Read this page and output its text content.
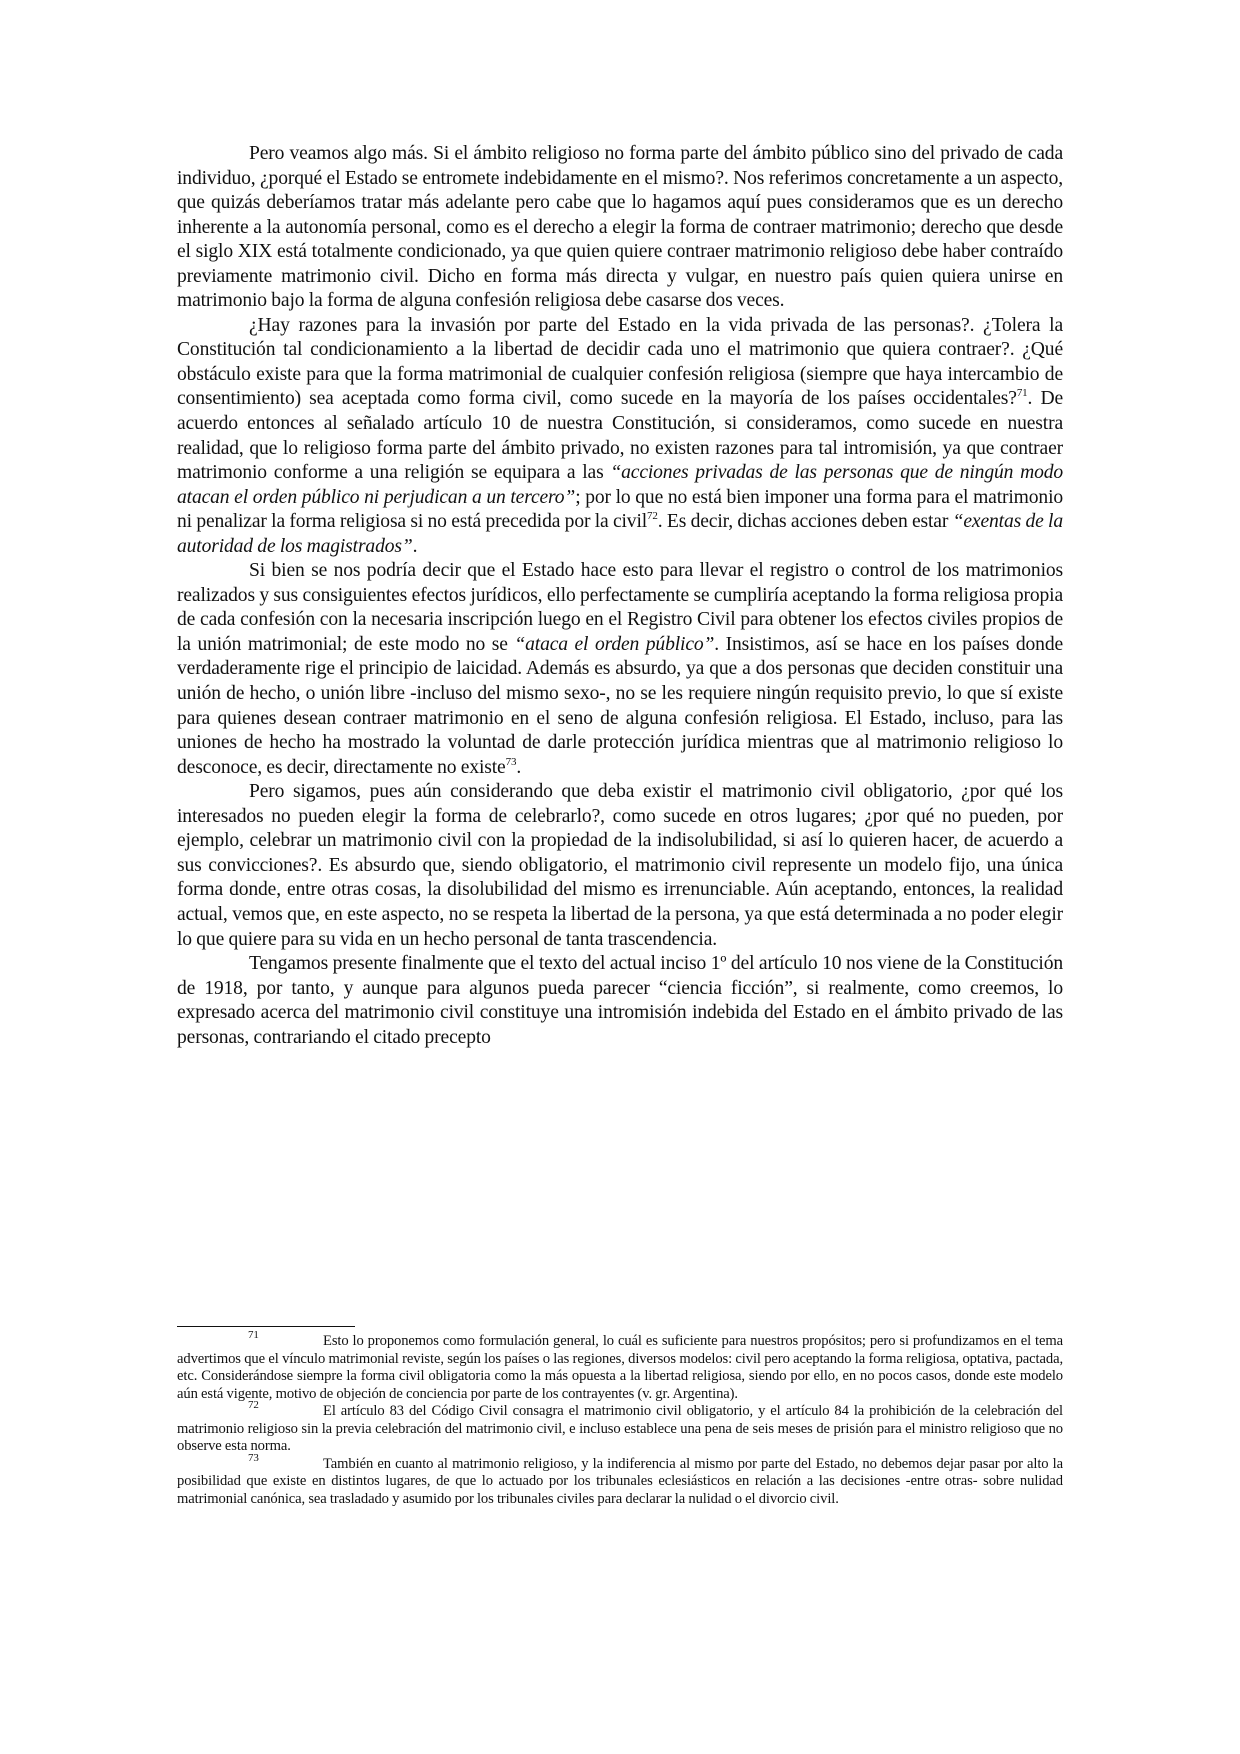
Pero veamos algo más. Si el ámbito religioso no forma parte del ámbito público sino del privado de cada individuo, ¿porqué el Estado se entromete indebidamente en el mismo?. Nos referimos concretamente a un aspecto, que quizás deberíamos tratar más adelante pero cabe que lo hagamos aquí pues consideramos que es un derecho inherente a la autonomía personal, como es el derecho a elegir la forma de contraer matrimonio; derecho que desde el siglo XIX está totalmente condicionado, ya que quien quiere contraer matrimonio religioso debe haber contraído previamente matrimonio civil. Dicho en forma más directa y vulgar, en nuestro país quien quiera unirse en matrimonio bajo la forma de alguna confesión religiosa debe casarse dos veces.

¿Hay razones para la invasión por parte del Estado en la vida privada de las personas?. ¿Tolera la Constitución tal condicionamiento a la libertad de decidir cada uno el matrimonio que quiera contraer?. ¿Qué obstáculo existe para que la forma matrimonial de cualquier confesión religiosa (siempre que haya intercambio de consentimiento) sea aceptada como forma civil, como sucede en la mayoría de los países occidentales?$^{71}$. De acuerdo entonces al señalado artículo 10 de nuestra Constitución, si consideramos, como sucede en nuestra realidad, que lo religioso forma parte del ámbito privado, no existen razones para tal intromisión, ya que contraer matrimonio conforme a una religión se equipara a las “acciones privadas de las personas que de ningún modo atacan el orden público ni perjudican a un tercero”; por lo que no está bien imponer una forma para el matrimonio ni penalizar la forma religiosa si no está precedida por la civil$^{72}$. Es decir, dichas acciones deben estar “exentas de la autoridad de los magistrados”.

Si bien se nos podría decir que el Estado hace esto para llevar el registro o control de los matrimonios realizados y sus consiguientes efectos jurídicos, ello perfectamente se cumpliría aceptando la forma religiosa propia de cada confesión con la necesaria inscripción luego en el Registro Civil para obtener los efectos civiles propios de la unión matrimonial; de este modo no se “ataca el orden público”. Insistimos, así se hace en los países donde verdaderamente rige el principio de laicidad. Además es absurdo, ya que a dos personas que deciden constituir una unión de hecho, o unión libre -incluso del mismo sexo-, no se les requiere ningún requisito previo, lo que sí existe para quienes desean contraer matrimonio en el seno de alguna confesión religiosa. El Estado, incluso, para las uniones de hecho ha mostrado la voluntad de darle protección jurídica mientras que al matrimonio religioso lo desconoce, es decir, directamente no existe$^{73}$.

Pero sigamos, pues aún considerando que deba existir el matrimonio civil obligatorio, ¿por qué los interesados no pueden elegir la forma de celebrarlo?, como sucede en otros lugares; ¿por qué no pueden, por ejemplo, celebrar un matrimonio civil con la propiedad de la indisolubilidad, si así lo quieren hacer, de acuerdo a sus convicciones?. Es absurdo que, siendo obligatorio, el matrimonio civil represente un modelo fijo, una única forma donde, entre otras cosas, la disolubilidad del mismo es irrenunciable. Aún aceptando, entonces, la realidad actual, vemos que, en este aspecto, no se respeta la libertad de la persona, ya que está determinada a no poder elegir lo que quiere para su vida en un hecho personal de tanta trascendencia.

Tengamos presente finalmente que el texto del actual inciso 1º del artículo 10 nos viene de la Constitución de 1918, por tanto, y aunque para algunos pueda parecer “ciencia ficción”, si realmente, como creemos, lo expresado acerca del matrimonio civil constituye una intromisión indebida del Estado en el ámbito privado de las personas, contrariando el citado precepto

71	Esto lo proponemos como formulación general, lo cuál es suficiente para nuestros propósitos; pero si profundizamos en el tema advertimos que el vínculo matrimonial reviste, según los países o las regiones, diversos modelos: civil pero aceptando la forma religiosa, optativa, pactada, etc. Considerándose siempre la forma civil obligatoria como la más opuesta a la libertad religiosa, siendo por ello, en no pocos casos, donde este modelo aún está vigente, motivo de objeción de conciencia por parte de los contrayentes (v. gr. Argentina).

72	El artículo 83 del Código Civil consagra el matrimonio civil obligatorio, y el artículo 84 la prohibición de la celebración del matrimonio religioso sin la previa celebración del matrimonio civil, e incluso establece una pena de seis meses de prisión para el ministro religioso que no observe esta norma.

73	También en cuanto al matrimonio religioso, y la indiferencia al mismo por parte del Estado, no debemos dejar pasar por alto la posibilidad que existe en distintos lugares, de que lo actuado por los tribunales eclesiásticos en relación a las decisiones -entre otras- sobre nulidad matrimonial canónica, sea trasladado y asumido por los tribunales civiles para declarar la nulidad o el divorcio civil.
